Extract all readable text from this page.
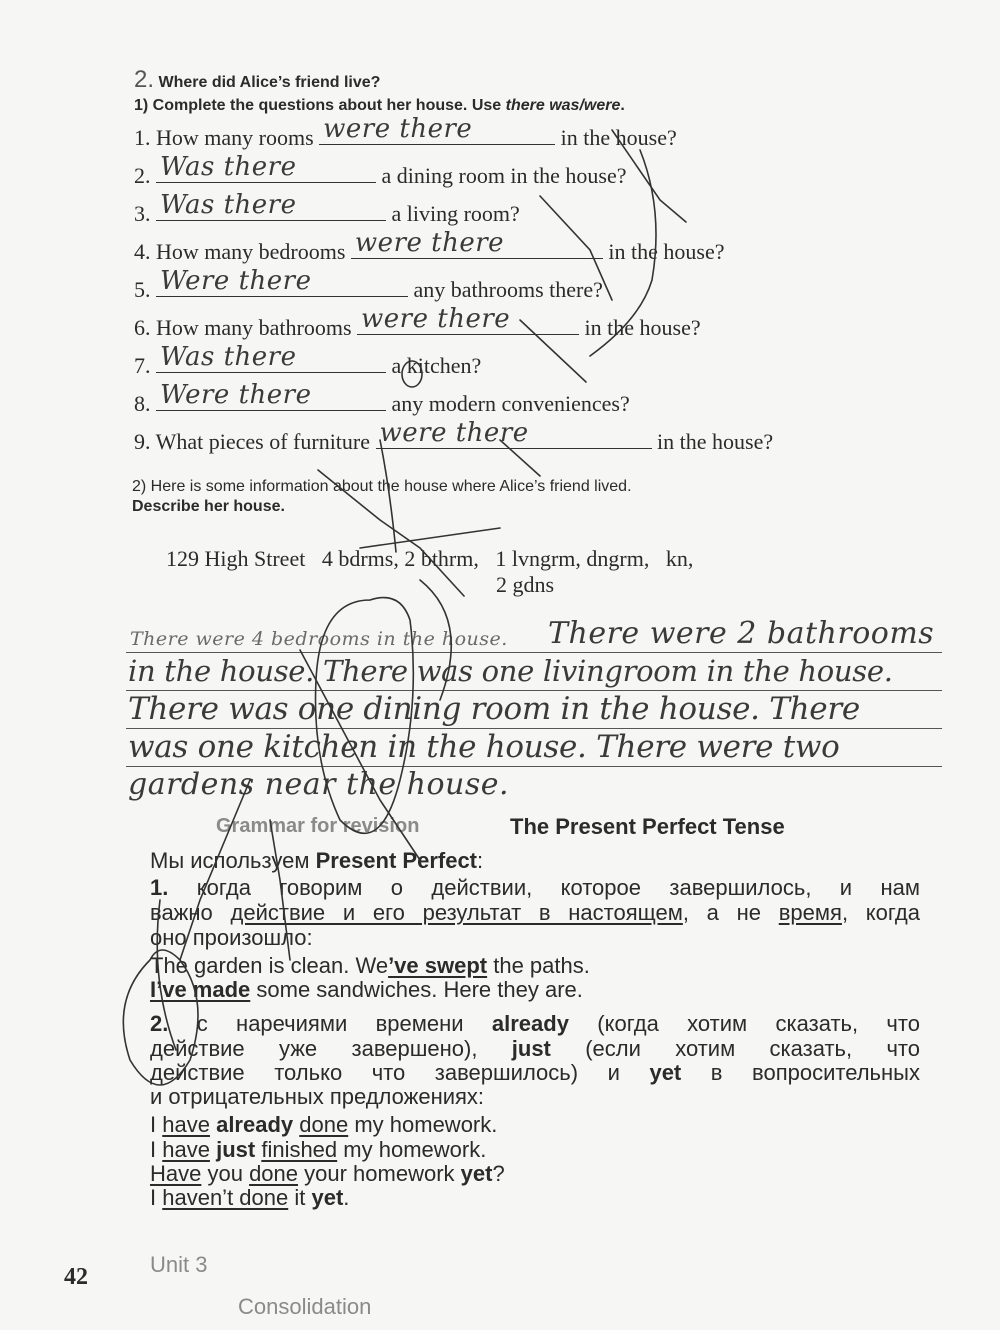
2. Where did Alice’s friend live?
1) Complete the questions about her house. Use there was/were.
1. How many rooms were there	in the house?
2. Was there	a dining room in the house?
3. Was there	a living room?
4. How many bedrooms were there	in the house?
5. Were there	any bathrooms there?
6. How many bathrooms were there	in the house?
7. Was there	a kitchen?
8. Were there	any modern conveniences?
9. What pieces of furniture were there	in the house?
2) Here is some information about the house where Alice’s friend lived.
Describe her house.
129 High Street   4 bdrms, 2 bthrm,   1 lvngrm, dngrm,   kn,
2 gdns
There were 4 bedrooms in the house. There were 2 bathrooms
in the house. There was one livingroom in the house.
There was one dining room in the house. There
was one kitchen in the house. There were two
gardens near the house.
Grammar for revision	The Present Perfect Tense
Мы используем Present Perfect:
1. когда говорим о действии, которое завершилось, и нам
важно действие и его результат в настоящем, а не время, когда
оно произошло:
The garden is clean. We’ve swept the paths.
I’ve made some sandwiches. Here they are.
2. с наречиями времени already (когда хотим сказать, что
действие уже завершено), just (если хотим сказать, что
действие только что завершилось) и yet в вопросительных
и отрицательных предложениях:
I have already done my homework.
I have just finished my homework.
Have you done your homework yet?
I haven’t done it yet.
42	Unit 3
Consolidation
